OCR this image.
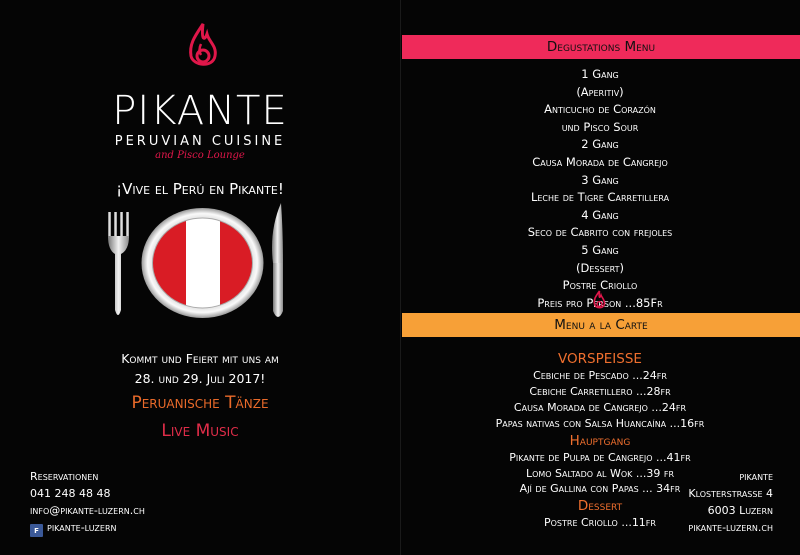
PIKANTE
PERUVIAN CUISINE
and Pisco Lounge
¡Vive el Perú en Pikante!
Kommt und Feiert mit uns am
28. und 29. Juli 2017!
Peruanische Tänze
Live Music
Reservationen
041 248 48 48
info@pikante-luzern.ch
f pikante-luzern
pikante
Klosterstrasse 4
6003 Luzern
pikante-luzern.ch
Degustations Menu
1 Gang
(Aperitiv)
Anticucho de Corazón
und Pisco Sour
2 Gang
Causa Morada de Cangrejo
3 Gang
Leche de Tigre Carretillera
4 Gang
Seco de Cabrito con frejoles
5 Gang
(Dessert)
Postre Criollo
Preis pro Person ...85Fr
Menu a la Carte
VORSPEISSE
Cebiche de Pescado ...24fr
Cebiche Carretillero ...28fr
Causa Morada de Cangrejo ...24fr
Papas nativas con Salsa Huancaína ...16fr
Hauptgang
Pikante de Pulpa de Cangrejo ...41fr
Lomo Saltado al Wok ...39 fr
Ají de Gallina con Papas ... 34fr
Dessert
Postre Criollo ...11fr
